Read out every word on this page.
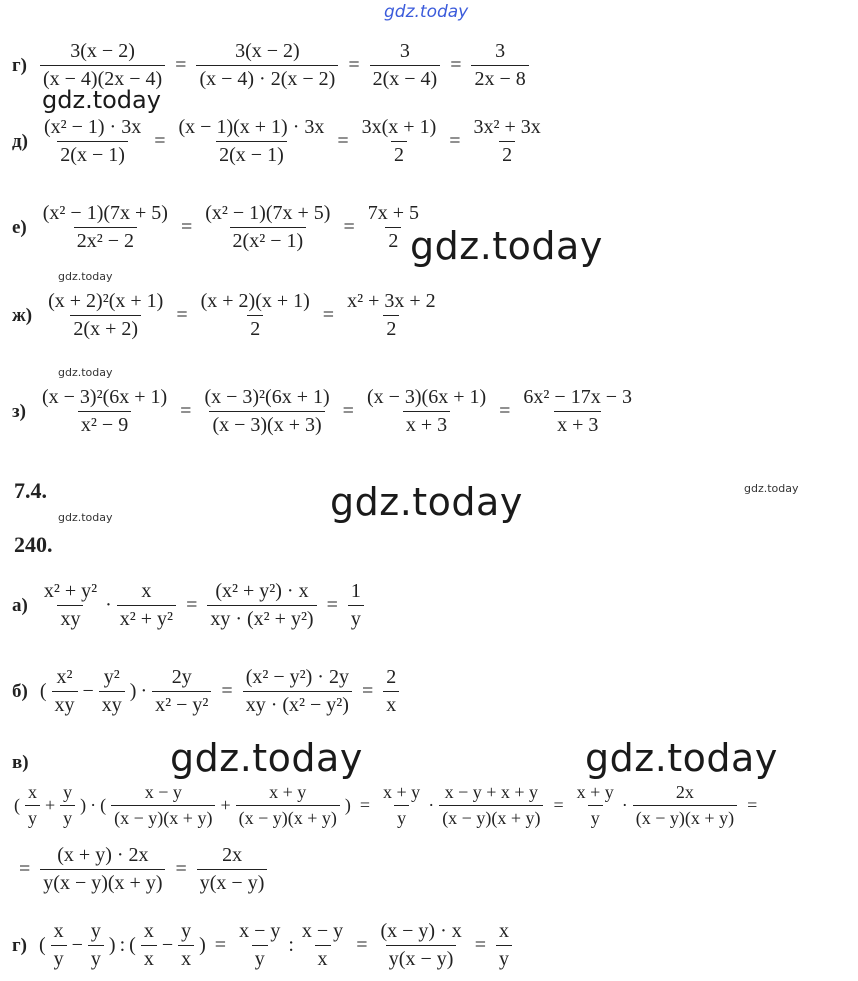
gdz.today
gdz.today
gdz.today
gdz.today
gdz.today
gdz.today	gdz.today
gdz.today
gdz.today	gdz.today
$г) \frac{3(x - 2)}{(x - 4)(2x - 4)} = \frac{3(x - 2)}{(x - 4) \cdot 2(x - 2)} = \frac{3}{2(x - 4)} = \frac{3}{2x - 8}$
$д) \frac{\text{(x² − 1) · 3x}}{2(x - 1)} = \frac{(x - 1)(x + 1) \cdot 3x}{2(x - 1)} = \frac{3x(x + 1)}{2} = \frac{\text{3x² + 3x}}{2}$
$е) \frac{\text{(x² − 1)(7x + 5)}}{\text{2x² − 2}} = \frac{\text{(x² − 1)(7x + 5)}}{\text{2(x² − 1)}} = \frac{7x + 5}{2}$
$ж) \frac{\text{(x + 2)²(x + 1)}}{2(x + 2)} = \frac{(x + 2)(x + 1)}{2} = \frac{\text{x² + 3x + 2}}{2}$
$з) \frac{\text{(x − 3)²(6x + 1)}}{\text{x² − 9}} = \frac{\text{(x − 3)²(6x + 1)}}{(x - 3)(x + 3)} = \frac{(x - 3)(6x + 1)}{x + 3} = \frac{\text{6x² − 17x − 3}}{x + 3}$
7.4.
240.
$а) \frac{\text{x² + y²}}{xy} \cdot \frac{x}{\text{x² + y²}} = \frac{\text{(x² + y²) · x}}{\text{xy · (x² + y²)}} = \frac{1}{y}$
б) ( $\frac{\text{x²}}{xy} - \frac{\text{y²}}{xy}$ ) · $\frac{2y}{\text{x² − y²}} = \frac{\text{(x² − y²) · 2y}}{\text{xy · (x² − y²)}} = \frac{2}{x}$
в)
( $\frac{x}{y} + \frac{y}{y}$ ) · ( $\frac{x - y}{(x - y)(x + y)} + \frac{x + y}{(x - y)(x + y)}$ ) = $\frac{x + y}{y} \cdot \frac{x - y + x + y}{(x - y)(x + y)} = \frac{x + y}{y} \cdot \frac{2x}{(x - y)(x + y)}$ =
= $\frac{(x + y) \cdot 2x}{y(x - y)(x + y)} = \frac{2x}{y(x - y)}$
г) ( $\frac{x}{y} - \frac{y}{y}$ ) : ( $\frac{x}{x} - \frac{y}{x}$ ) = $\frac{x - y}{y}$ : $\frac{x - y}{x} = \frac{(x - y) \cdot x}{y(x - y)} = \frac{x}{y}$
